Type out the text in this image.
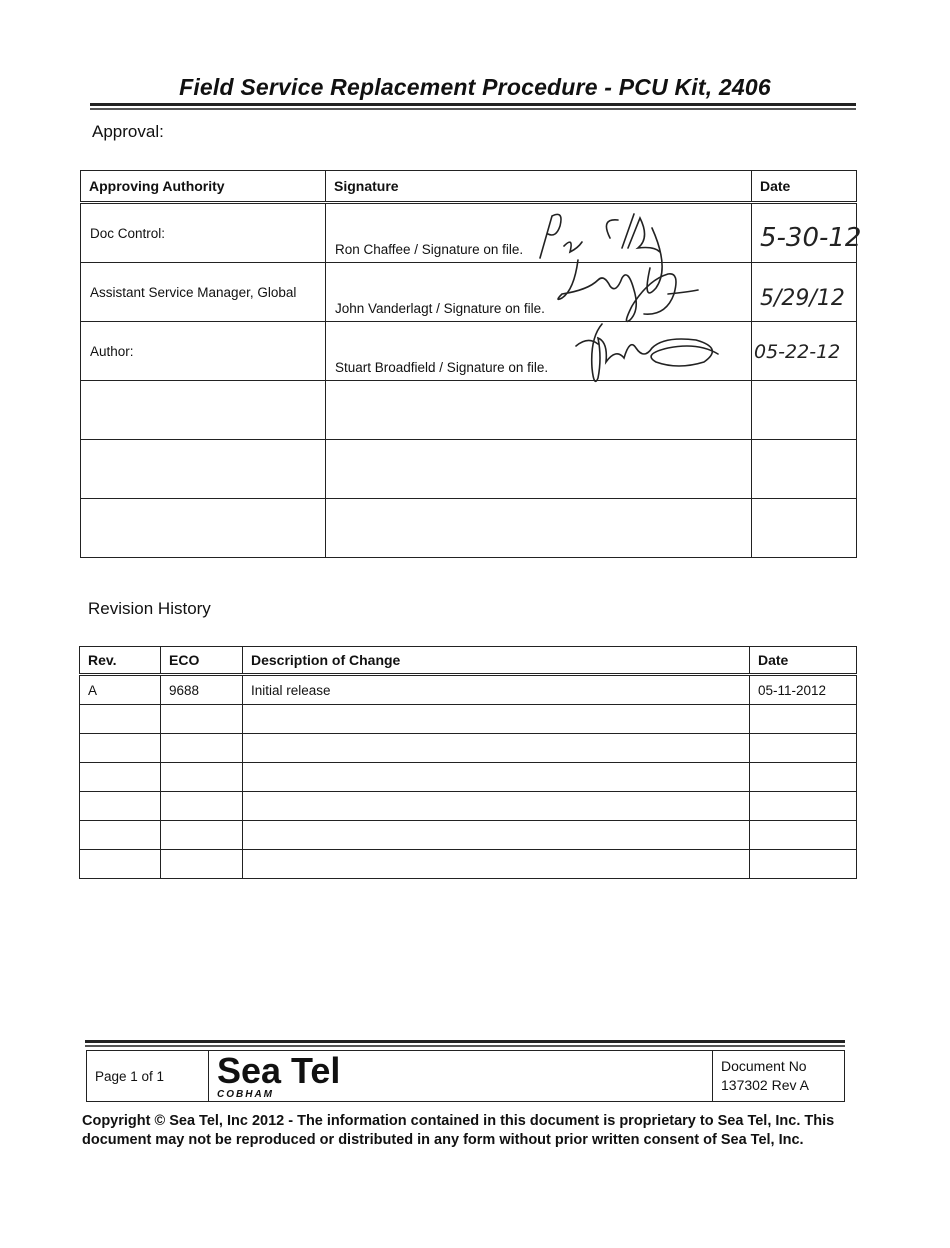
Field Service Replacement Procedure - PCU Kit, 2406
Approval:
Approving Authority	Signature	Date

Doc Control:	Ron Chaffee / Signature on file.	5-30-12

Assistant Service Manager, Global	John Vanderlagt / Signature on file.	5/29/12

Author:	Stuart Broadfield / Signature on file.	05-22-12

Revision History
Rev.	ECO	Description of Change	Date
A	9688	Initial release	05-11-2012

Page 1 of 1	Sea Tel
COBHAM

Document No
137302 Rev A
Copyright © Sea Tel, Inc 2012 - The information contained in this document is proprietary to Sea Tel, Inc. This document may not be reproduced or distributed in any form without prior written consent of Sea Tel, Inc.
